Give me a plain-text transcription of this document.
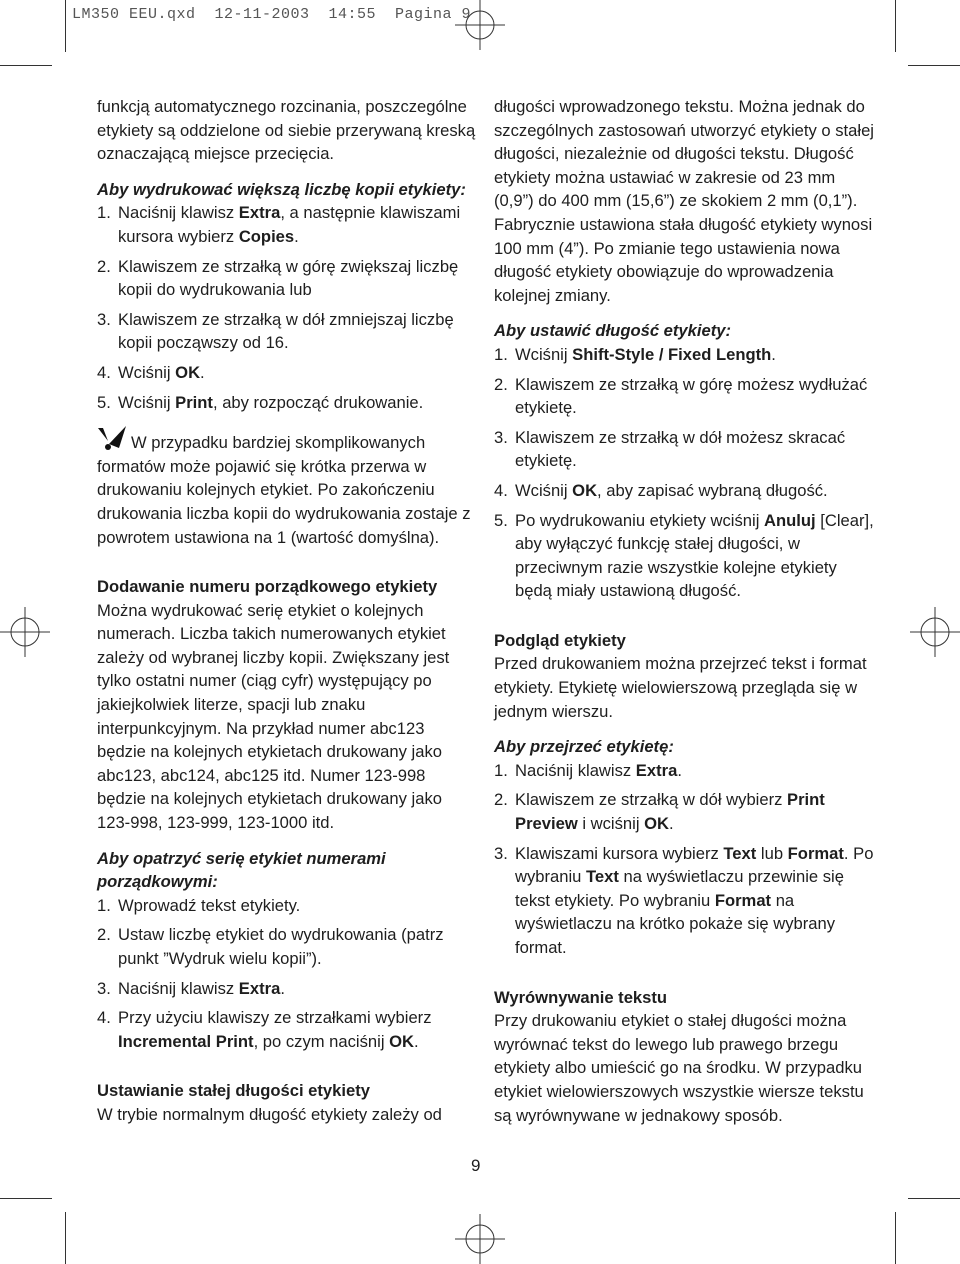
LM350 EEU.qxd  12-11-2003  14:55  Pagina 9

funkcją automatycznego rozcinania, poszczególne etykiety są oddzielone od siebie przerywaną kreską oznaczającą miejsce przecięcia.

Aby wydrukować większą liczbę kopii etykiety:

1. Naciśnij klawisz Extra, a następnie klawiszami kursora wybierz Copies.
2. Klawiszem ze strzałką w górę zwiększaj liczbę kopii do wydrukowania lub
3. Klawiszem ze strzałką w dół zmniejszaj liczbę kopii począwszy od 16.
4. Wciśnij OK.
5. Wciśnij Print, aby rozpocząć drukowanie.

W przypadku bardziej skomplikowanych formatów może pojawić się krótka przerwa w drukowaniu kolejnych etykiet. Po zakończeniu drukowania liczba kopii do wydrukowania zostaje z powrotem ustawiona na 1 (wartość domyślna).

Dodawanie numeru porządkowego etykiety

Można wydrukować serię etykiet o kolejnych numerach. Liczba takich numerowanych etykiet zależy od wybranej liczby kopii. Zwiększany jest tylko ostatni numer (ciąg cyfr) występujący po jakiejkolwiek literze, spacji lub znaku interpunkcyjnym. Na przykład numer abc123 będzie na kolejnych etykietach drukowany jako abc123, abc124, abc125 itd. Numer 123-998 będzie na kolejnych etykietach drukowany jako 123-998, 123-999, 123-1000 itd.

Aby opatrzyć serię etykiet numerami porządkowymi:

1. Wprowadź tekst etykiety.
2. Ustaw liczbę etykiet do wydrukowania (patrz punkt ”Wydruk wielu kopii”).
3. Naciśnij klawisz Extra.
4. Przy użyciu klawiszy ze strzałkami wybierz Incremental Print, po czym naciśnij OK.

Ustawianie stałej długości etykiety

W trybie normalnym długość etykiety zależy od

długości wprowadzonego tekstu. Można jednak do szczególnych zastosowań utworzyć etykiety o stałej długości, niezależnie od długości tekstu. Długość etykiety można ustawiać w zakresie od 23 mm (0,9”) do 400 mm (15,6”) ze skokiem 2 mm (0,1”). Fabrycznie ustawiona stała długość etykiety wynosi 100 mm (4”). Po zmianie tego ustawienia nowa długość etykiety obowiązuje do wprowadzenia kolejnej zmiany.

Aby ustawić długość etykiety:

1. Wciśnij Shift-Style / Fixed Length.
2. Klawiszem ze strzałką w górę możesz wydłużać etykietę.
3. Klawiszem ze strzałką w dół możesz skracać etykietę.
4. Wciśnij OK, aby zapisać wybraną długość.
5. Po wydrukowaniu etykiety wciśnij Anuluj [Clear], aby wyłączyć funkcję stałej długości, w przeciwnym razie wszystkie kolejne etykiety będą miały ustawioną długość.

Podgląd etykiety

Przed drukowaniem można przejrzeć tekst i format etykiety. Etykietę wielowierszową przegląda się w jednym wierszu.

Aby przejrzeć etykietę:

1. Naciśnij klawisz Extra.
2. Klawiszem ze strzałką w dół wybierz Print Preview i wciśnij OK.
3. Klawiszami kursora wybierz Text lub Format. Po wybraniu Text na wyświetlaczu przewinie się tekst etykiety. Po wybraniu Format na wyświetlaczu na krótko pokaże się wybrany format.

Wyrównywanie tekstu

Przy drukowaniu etykiet o stałej długości można wyrównać tekst do lewego lub prawego brzegu etykiety albo umieścić go na środku. W przypadku etykiet wielowierszowych wszystkie wiersze tekstu są wyrównywane w jednakowy sposób.

9
